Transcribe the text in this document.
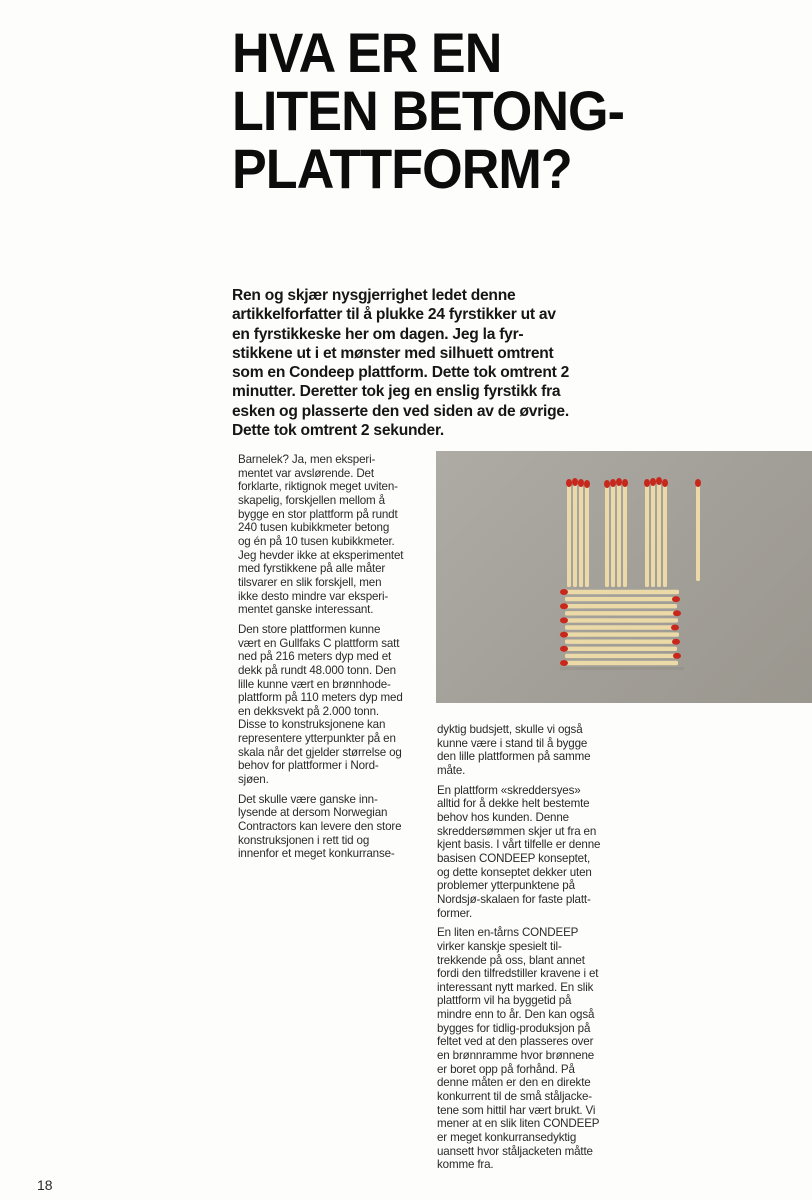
HVA ER EN
LITEN BETONG-
PLATTFORM?
Ren og skjær nysgjerrighet ledet denne
artikkelforfatter til å plukke 24 fyrstikker ut av
en fyrstikkeske her om dagen. Jeg la fyr-
stikkene ut i et mønster med silhuett omtrent
som en Condeep plattform. Dette tok omtrent 2
minutter. Deretter tok jeg en enslig fyrstikk fra
esken og plasserte den ved siden av de øvrige.
Dette tok omtrent 2 sekunder.

Barnelek? Ja, men eksperi-
mentet var avslørende. Det
forklarte, riktignok meget uviten-
skapelig, forskjellen mellom å
bygge en stor plattform på rundt
240 tusen kubikkmeter betong
og én på 10 tusen kubikkmeter.
Jeg hevder ikke at eksperimentet
med fyrstikkene på alle måter
tilsvarer en slik forskjell, men
ikke desto mindre var eksperi-
mentet ganske interessant.

Den store plattformen kunne
vært en Gullfaks C plattform satt
ned på 216 meters dyp med et
dekk på rundt 48.000 tonn. Den
lille kunne vært en brønnhode-
plattform på 110 meters dyp med
en dekksvekt på 2.000 tonn.
Disse to konstruksjonene kan
representere ytterpunkter på en
skala når det gjelder størrelse og
behov for plattformer i Nord-
sjøen.

Det skulle være ganske inn-
lysende at dersom Norwegian
Contractors kan levere den store
konstruksjonen i rett tid og
innenfor et meget konkurranse-

dyktig budsjett, skulle vi også
kunne være i stand til å bygge
den lille plattformen på samme
måte.

En plattform «skreddersyes»
alltid for å dekke helt bestemte
behov hos kunden. Denne
skreddersømmen skjer ut fra en
kjent basis. I vårt tilfelle er denne
basisen CONDEEP konseptet,
og dette konseptet dekker uten
problemer ytterpunktene på
Nordsjø-skalaen for faste platt-
former.

En liten en-tårns CONDEEP
virker kanskje spesielt til-
trekkende på oss, blant annet
fordi den tilfredstiller kravene i et
interessant nytt marked. En slik
plattform vil ha byggetid på
mindre enn to år. Den kan også
bygges for tidlig-produksjon på
feltet ved at den plasseres over
en brønnramme hvor brønnene
er boret opp på forhånd. På
denne måten er den en direkte
konkurrent til de små ståljacke-
tene som hittil har vært brukt. Vi
mener at en slik liten CONDEEP
er meget konkurransedyktig
uansett hvor ståljacketen måtte
komme fra.

18
